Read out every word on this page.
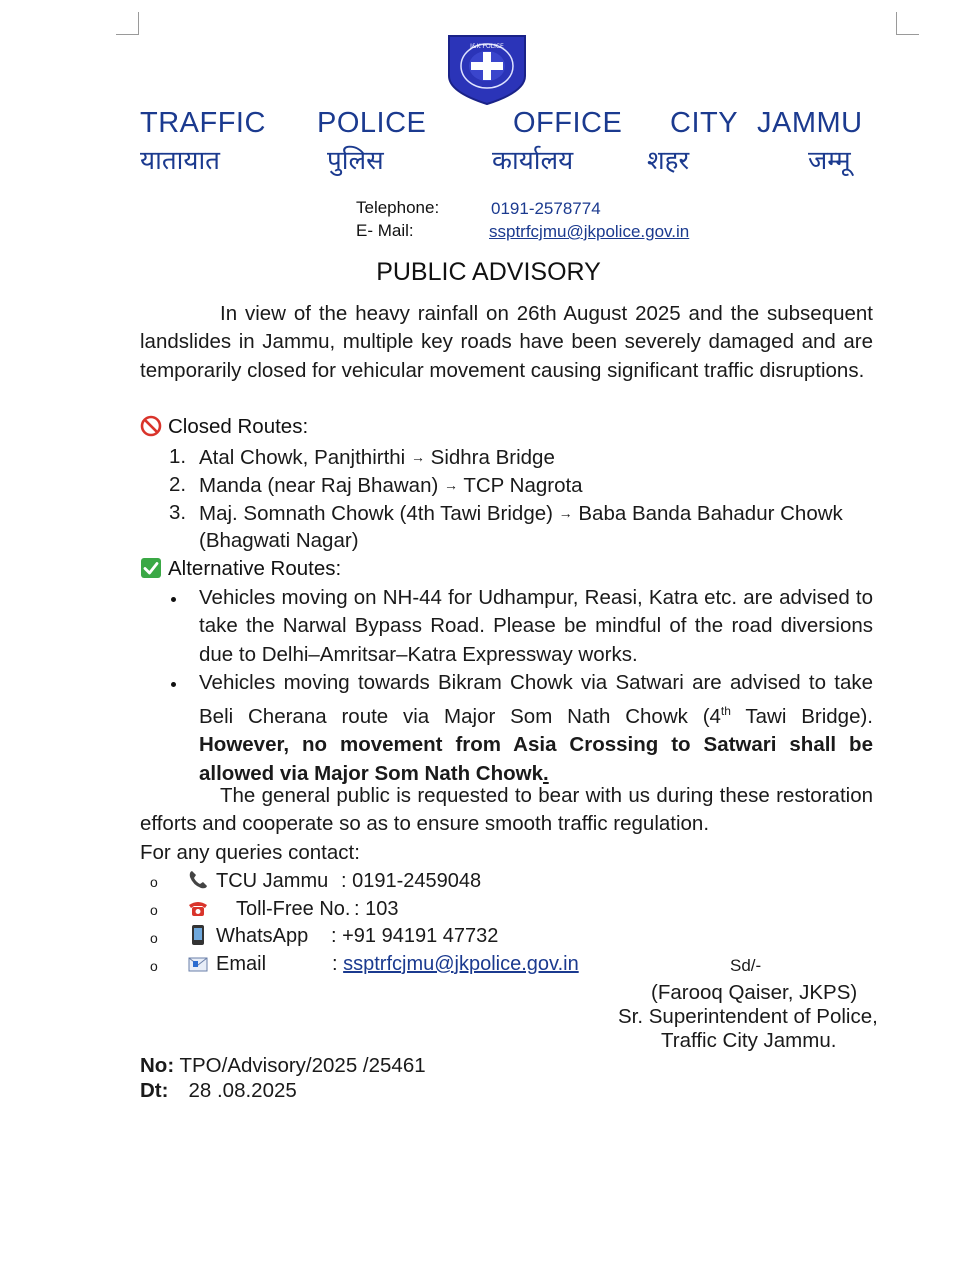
J&K POLICE
TRAFFIC POLICE	OFFICE CITY JAMMU
यातायात	पुलिस	कार्यालय	शहर	जम्मू
Telephone:	0191-2578774
E- Mail:	ssptrfcjmu@jkpolice.gov.in
PUBLIC ADVISORY
In view of the heavy rainfall on 26th August 2025 and the subsequent landslides in Jammu, multiple key roads have been severely damaged and are temporarily closed for vehicular movement causing significant traffic disruptions.
Closed Routes:
1. Atal Chowk, Panjthirthi → Sidhra Bridge
2. Manda (near Raj Bhawan) → TCP Nagrota
3. Maj. Somnath Chowk (4th Tawi Bridge) → Baba Banda Bahadur Chowk
(Bhagwati Nagar)
Alternative Routes:
Vehicles moving on NH-44 for Udhampur, Reasi, Katra etc. are advised to take the Narwal Bypass Road. Please be mindful of the road diversions due to Delhi–Amritsar–Katra Expressway works.
Vehicles moving towards Bikram Chowk via Satwari are advised to take Beli Cherana route via Major Som Nath Chowk (4th Tawi Bridge). However, no movement from Asia Crossing to Satwari shall be allowed via Major Som Nath Chowk.
The general public is requested to bear with us during these restoration efforts and cooperate so as to ensure smooth traffic regulation.
For any queries contact:
o	TCU Jammu : 0191-2459048
o	Toll-Free No. : 103
o	WhatsApp : +91 94191 47732
o	Email	: ssptrfcjmu@jkpolice.gov.in	Sd/-
(Farooq Qaiser, JKPS)
Sr. Superintendent of Police,
Traffic City Jammu.
No: TPO/Advisory/2025 /25461
Dt: 28 .08.2025
